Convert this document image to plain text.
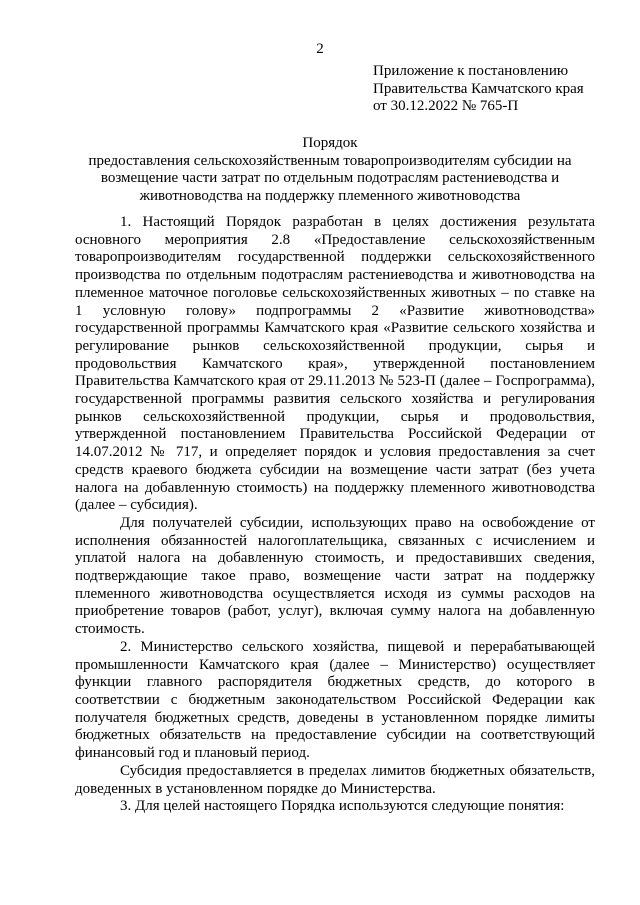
2
Приложение к постановлению
Правительства Камчатского края
от 30.12.2022 № 765-П
Порядок
предоставления сельскохозяйственным товаропроизводителям субсидии на
возмещение части затрат по отдельным подотраслям растениеводства и
животноводства на поддержку племенного животноводства

1. Настоящий Порядок разработан в целях достижения результата основного мероприятия 2.8 «Предоставление сельскохозяйственным товаропроизводителям государственной поддержки сельскохозяйственного производства по отдельным подотраслям растениеводства и животноводства на племенное маточное поголовье сельскохозяйственных животных – по ставке на 1 условную голову» подпрограммы 2 «Развитие животноводства» государственной программы Камчатского края «Развитие сельского хозяйства и регулирование рынков сельскохозяйственной продукции, сырья и продовольствия Камчатского края», утвержденной постановлением Правительства Камчатского края от 29.11.2013 № 523-П (далее – Госпрограмма), государственной программы развития сельского хозяйства и регулирования рынков сельскохозяйственной продукции, сырья и продовольствия, утвержденной постановлением Правительства Российской Федерации от 14.07.2012 № 717, и определяет порядок и условия предоставления за счет средств краевого бюджета субсидии на возмещение части затрат (без учета налога на добавленную стоимость) на поддержку племенного животноводства (далее – субсидия).

Для получателей субсидии, использующих право на освобождение от исполнения обязанностей налогоплательщика, связанных с исчислением и уплатой налога на добавленную стоимость, и предоставивших сведения, подтверждающие такое право, возмещение части затрат на поддержку племенного животноводства осуществляется исходя из суммы расходов на приобретение товаров (работ, услуг), включая сумму налога на добавленную стоимость.

2. Министерство сельского хозяйства, пищевой и перерабатывающей промышленности Камчатского края (далее – Министерство) осуществляет функции главного распорядителя бюджетных средств, до которого в соответствии с бюджетным законодательством Российской Федерации как получателя бюджетных средств, доведены в установленном порядке лимиты бюджетных обязательств на предоставление субсидии на соответствующий финансовый год и плановый период.

Субсидия предоставляется в пределах лимитов бюджетных обязательств, доведенных в установленном порядке до Министерства.

3. Для целей настоящего Порядка используются следующие понятия:
